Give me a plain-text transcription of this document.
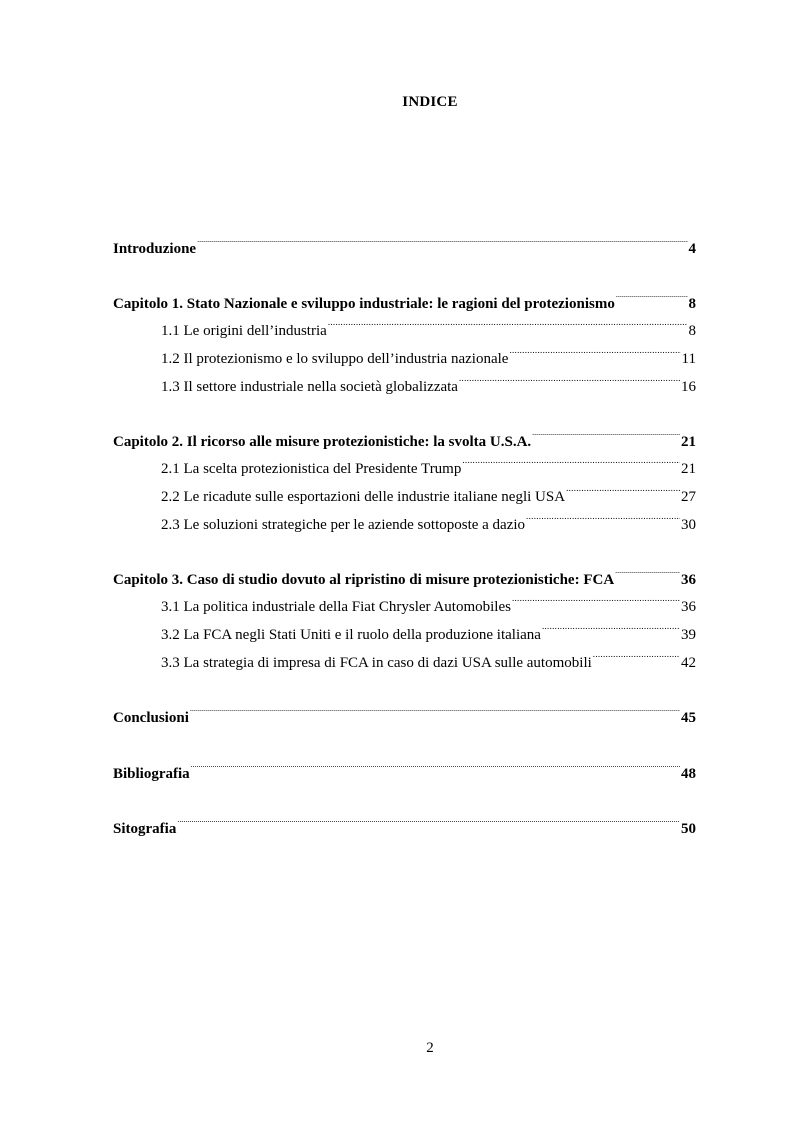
INDICE
Introduzione .....	4
Capitolo 1. Stato Nazionale e sviluppo industriale: le ragioni del protezionismo .....	8
1.1 Le origini dell’industria .....	8
1.2 Il protezionismo e lo sviluppo dell’industria nazionale .....	11
1.3 Il settore industriale nella società globalizzata .....	16
Capitolo 2. Il ricorso alle misure protezionistiche: la svolta U.S.A. .....	21
2.1 La scelta protezionistica del Presidente Trump .....	21
2.2 Le ricadute sulle esportazioni delle industrie italiane negli USA .....	27
2.3 Le soluzioni strategiche per le aziende sottoposte a dazio .....	30
Capitolo 3. Caso di studio dovuto al ripristino di misure protezionistiche: FCA .....	36
3.1 La politica industriale della Fiat Chrysler Automobiles .....	36
3.2 La FCA negli Stati Uniti e il ruolo della produzione italiana .....	39
3.3 La strategia di impresa di FCA in caso di dazi USA sulle automobili .....	42
Conclusioni .....	45
Bibliografia .....	48
Sitografia .....	50
2
